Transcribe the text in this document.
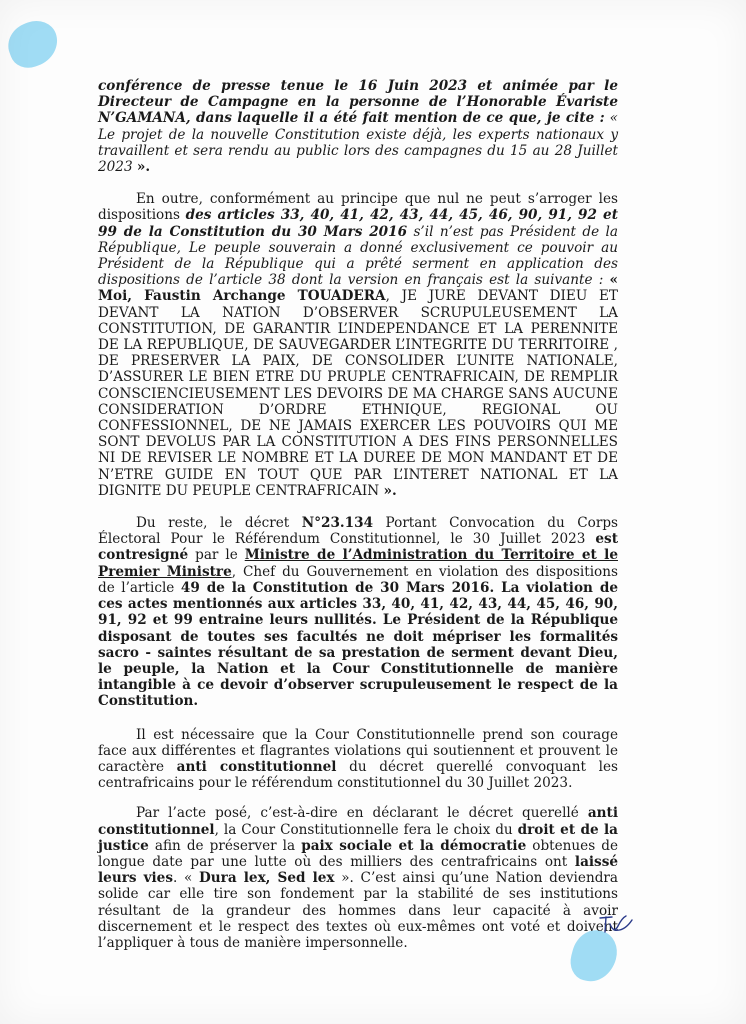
conférence de presse tenue le 16 Juin 2023 et animée par le Directeur de Campagne en la personne de l’Honorable Évariste N’GAMANA, dans laquelle il a été fait mention de ce que, je cite : « Le projet de la nouvelle Constitution existe déjà, les experts nationaux y travaillent et sera rendu au public lors des campagnes du 15 au 28 Juillet 2023 ».

En outre, conformément au principe que nul ne peut s’arroger les dispositions des articles 33, 40, 41, 42, 43, 44, 45, 46, 90, 91, 92 et 99 de la Constitution du 30 Mars 2016 s’il n’est pas Président de la République, Le peuple souverain a donné exclusivement ce pouvoir au Président de la République qui a prêté serment en application des dispositions de l’article 38 dont la version en français est la suivante : « Moi, Faustin Archange TOUADERA, JE JURE DEVANT DIEU ET DEVANT LA NATION D’OBSERVER SCRUPULEUSEMENT LA CONSTITUTION, DE GARANTIR L’INDEPENDANCE ET LA PERENNITE DE LA REPUBLIQUE, DE SAUVEGARDER L’INTEGRITE DU TERRITOIRE , DE PRESERVER LA PAIX, DE CONSOLIDER L’UNITE NATIONALE, D’ASSURER LE BIEN ETRE DU PRUPLE CENTRAFRICAIN, DE REMPLIR CONSCIENCIEUSEMENT LES DEVOIRS DE MA CHARGE SANS AUCUNE CONSIDERATION D’ORDRE ETHNIQUE, REGIONAL OU CONFESSIONNEL, DE NE JAMAIS EXERCER LES POUVOIRS QUI ME SONT DEVOLUS PAR LA CONSTITUTION A DES FINS PERSONNELLES NI DE REVISER LE NOMBRE ET LA DUREE DE MON MANDANT ET DE N’ETRE GUIDE EN TOUT QUE PAR L’INTERET NATIONAL ET LA DIGNITE DU PEUPLE CENTRAFRICAIN ».

Du reste, le décret N°23.134 Portant Convocation du Corps Électoral Pour le Référendum Constitutionnel, le 30 Juillet 2023 est contresigné par le Ministre de l’Administration du Territoire et le Premier Ministre, Chef du Gouvernement en violation des dispositions de l’article 49 de la Constitution de 30 Mars 2016. La violation de ces actes mentionnés aux articles 33, 40, 41, 42, 43, 44, 45, 46, 90, 91, 92 et 99 entraine leurs nullités. Le Président de la République disposant de toutes ses facultés ne doit mépriser les formalités sacro - saintes résultant de sa prestation de serment devant Dieu, le peuple, la Nation et la Cour Constitutionnelle de manière intangible à ce devoir d’observer scrupuleusement le respect de la Constitution.

Il est nécessaire que la Cour Constitutionnelle prend son courage face aux différentes et flagrantes violations qui soutiennent et prouvent le caractère anti constitutionnel du décret querellé convoquant les centrafricains pour le référendum constitutionnel du 30 Juillet 2023.

Par l’acte posé, c’est-à-dire en déclarant le décret querellé anti constitutionnel, la Cour Constitutionnelle fera le choix du droit et de la justice afin de préserver la paix sociale et la démocratie obtenues de longue date par une lutte où des milliers des centrafricains ont laissé leurs vies. « Dura lex, Sed lex ». C’est ainsi qu’une Nation deviendra solide car elle tire son fondement par la stabilité de ses institutions résultant de la grandeur des hommes dans leur capacité à avoir discernement et le respect des textes où eux-mêmes ont voté et doivent l’appliquer à tous de manière impersonnelle.
